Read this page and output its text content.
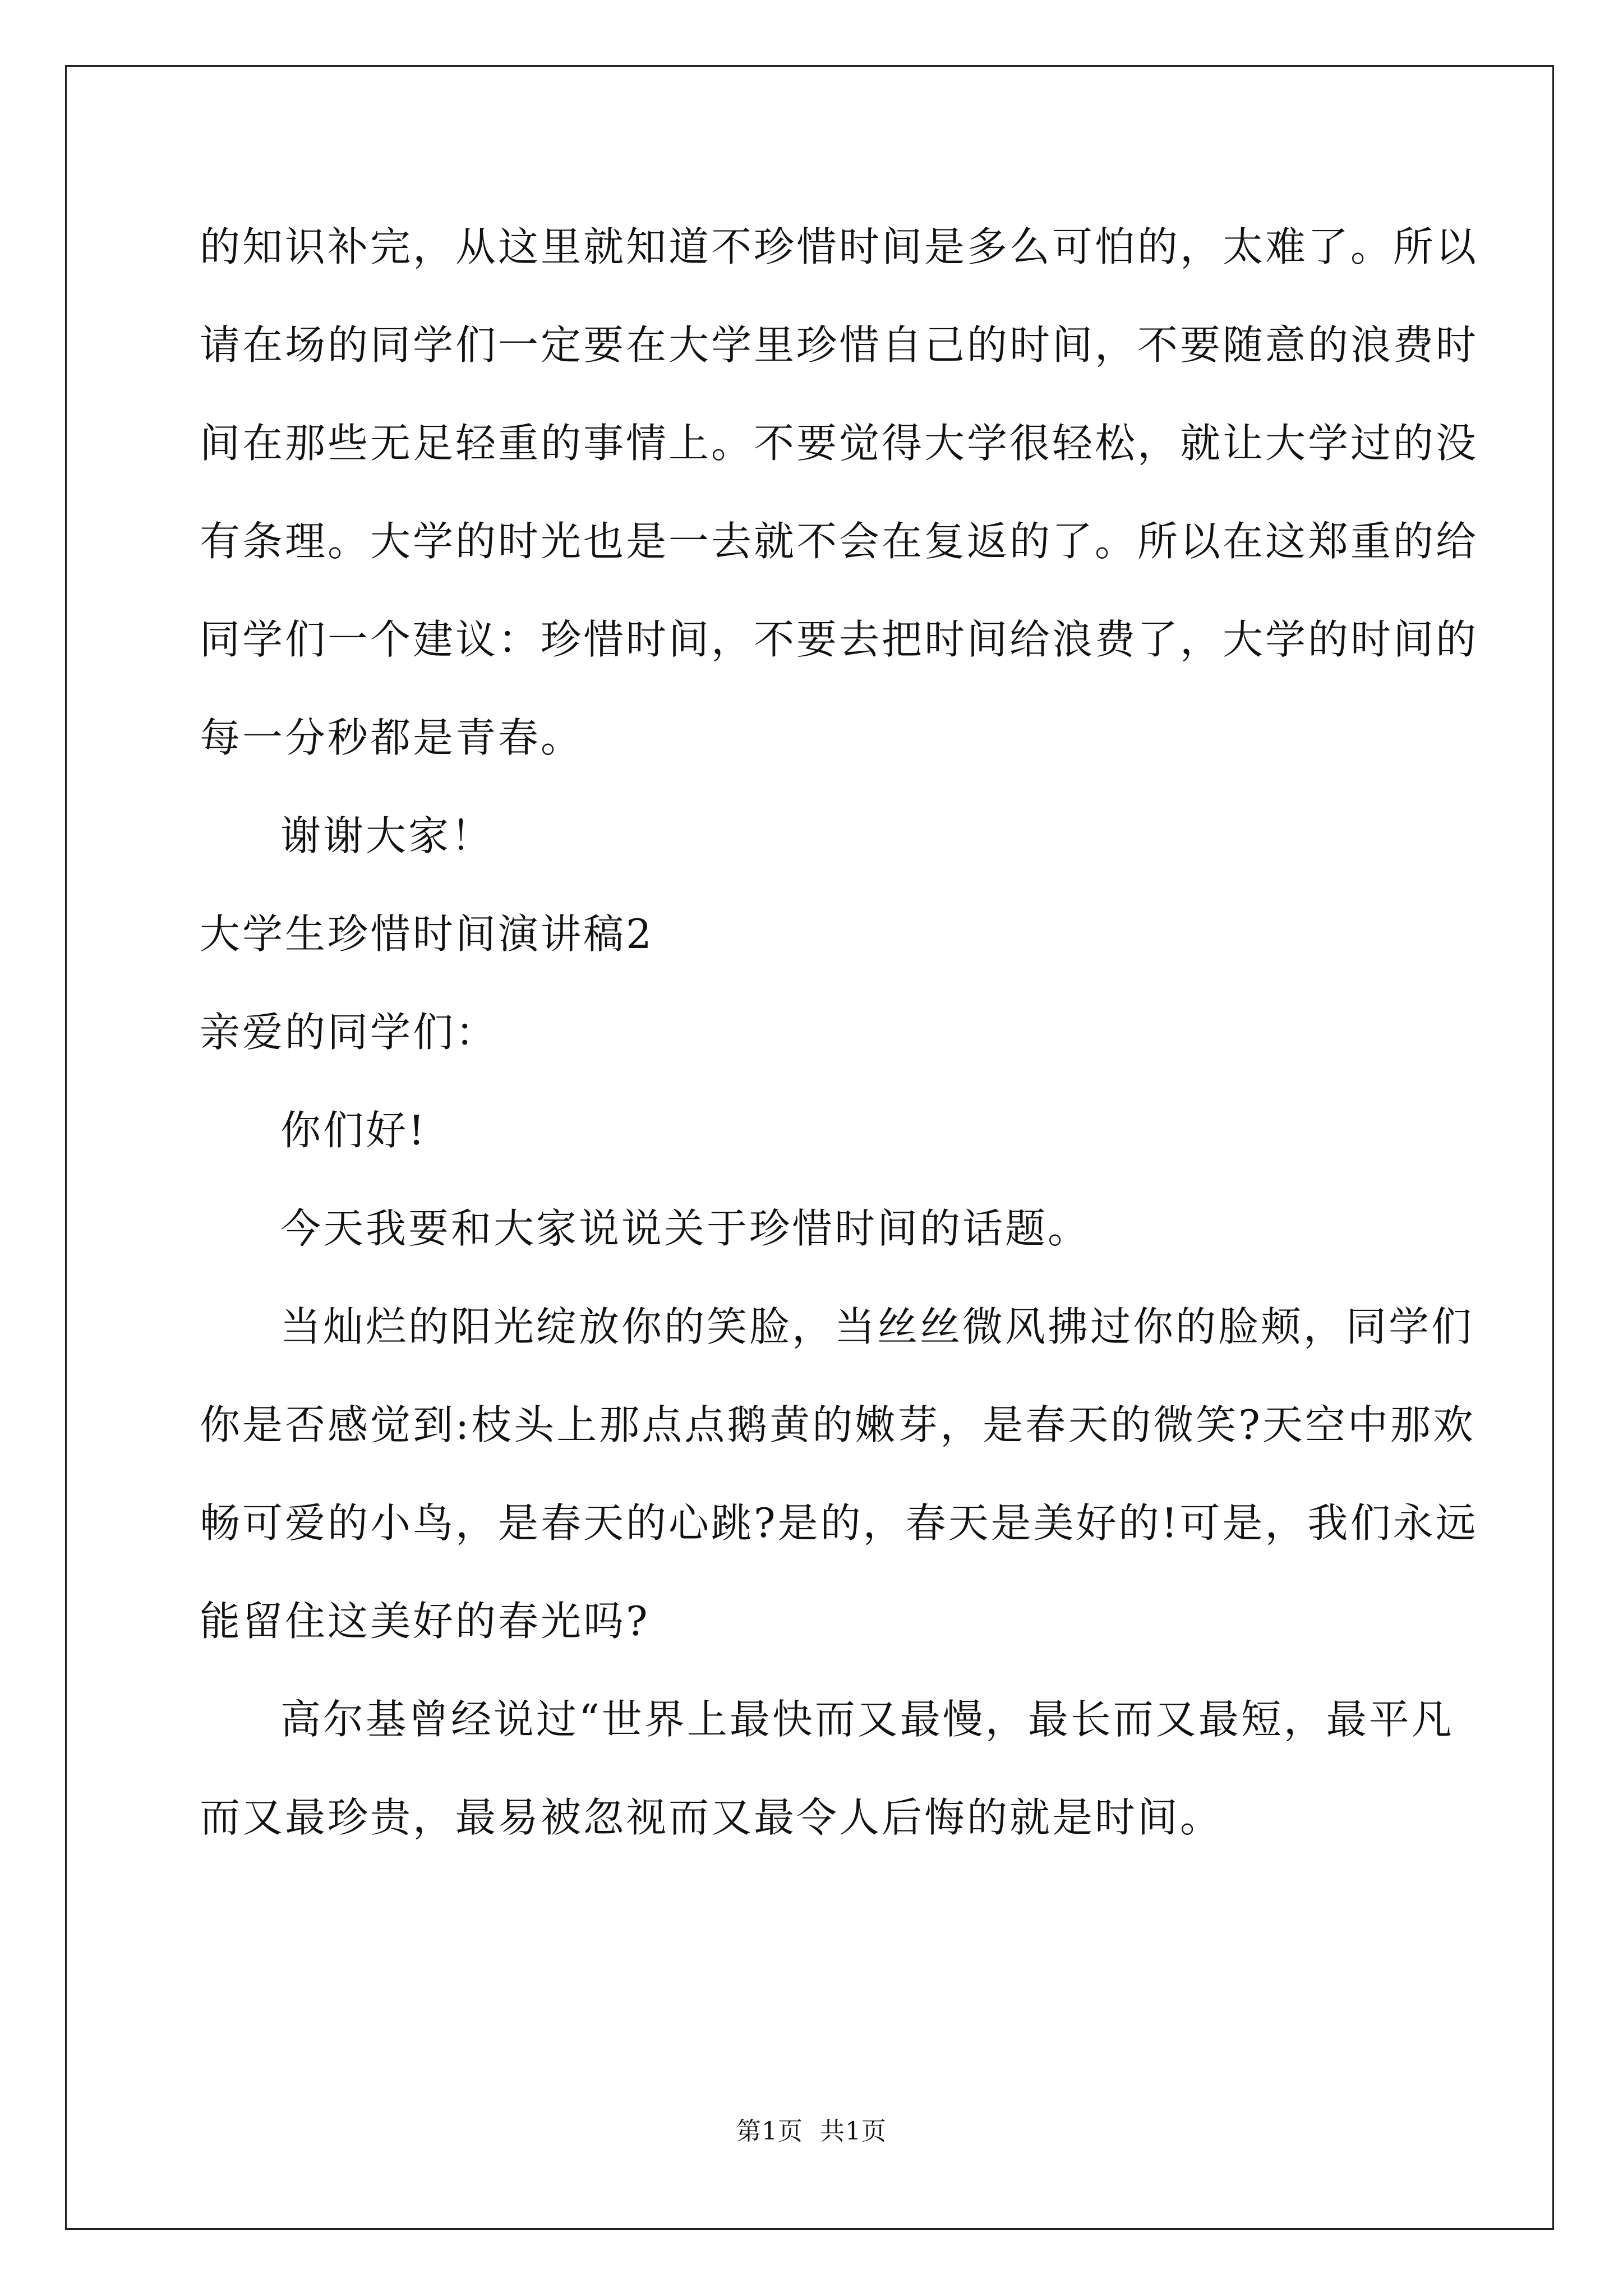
的知识补完，从这里就知道不珍惜时间是多么可怕的，太难了。所以
请在场的同学们一定要在大学里珍惜自己的时间，不要随意的浪费时
间在那些无足轻重的事情上。不要觉得大学很轻松，就让大学过的没
有条理。大学的时光也是一去就不会在复返的了。所以在这郑重的给
同学们一个建议：珍惜时间，不要去把时间给浪费了，大学的时间的
每一分秒都是青春。
谢谢大家！
大学生珍惜时间演讲稿2
亲爱的同学们：
你们好!
今天我要和大家说说关于珍惜时间的话题。
当灿烂的阳光绽放你的笑脸，当丝丝微风拂过你的脸颊，同学们
你是否感觉到:枝头上那点点鹅黄的嫩芽，是春天的微笑?天空中那欢
畅可爱的小鸟，是春天的心跳?是的，春天是美好的!可是，我们永远
能留住这美好的春光吗?
高尔基曾经说过“世界上最快而又最慢，最长而又最短，最平凡
而又最珍贵，最易被忽视而又最令人后悔的就是时间。
第1页  共1页
